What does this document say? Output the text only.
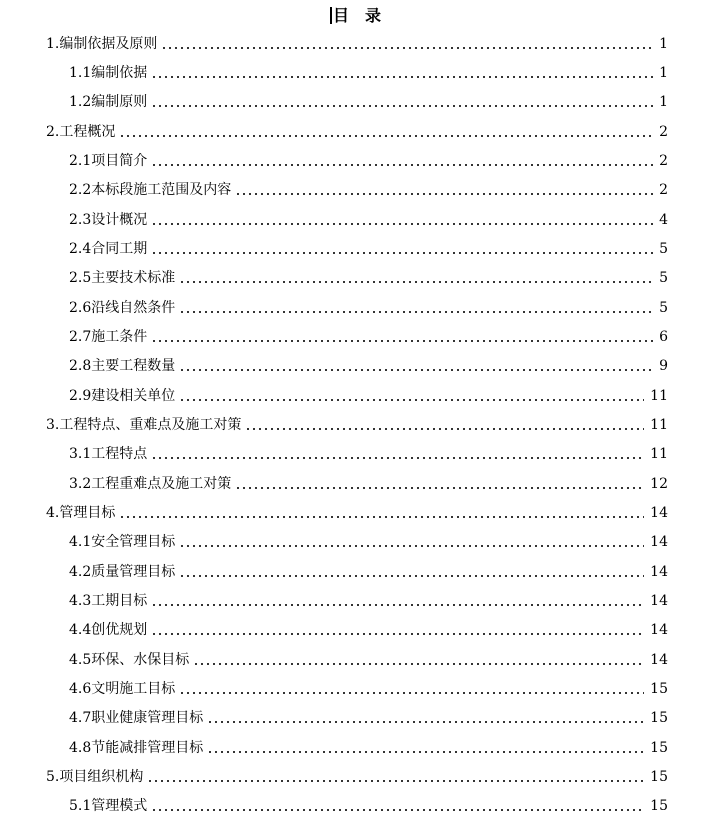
目　录
1.编制依据及原则	1
1.1编制依据	1
1.2编制原则	1
2.工程概况	2
2.1项目简介	2
2.2本标段施工范围及内容	2
2.3设计概况	4
2.4合同工期	5
2.5主要技术标准	5
2.6沿线自然条件	5
2.7施工条件	6
2.8主要工程数量	9
2.9建设相关单位	11
3.工程特点、重难点及施工对策	11
3.1工程特点	11
3.2工程重难点及施工对策	12
4.管理目标	14
4.1安全管理目标	14
4.2质量管理目标	14
4.3工期目标	14
4.4创优规划	14
4.5环保、水保目标	14
4.6文明施工目标	15
4.7职业健康管理目标	15
4.8节能减排管理目标	15
5.项目组织机构	15
5.1管理模式	15
